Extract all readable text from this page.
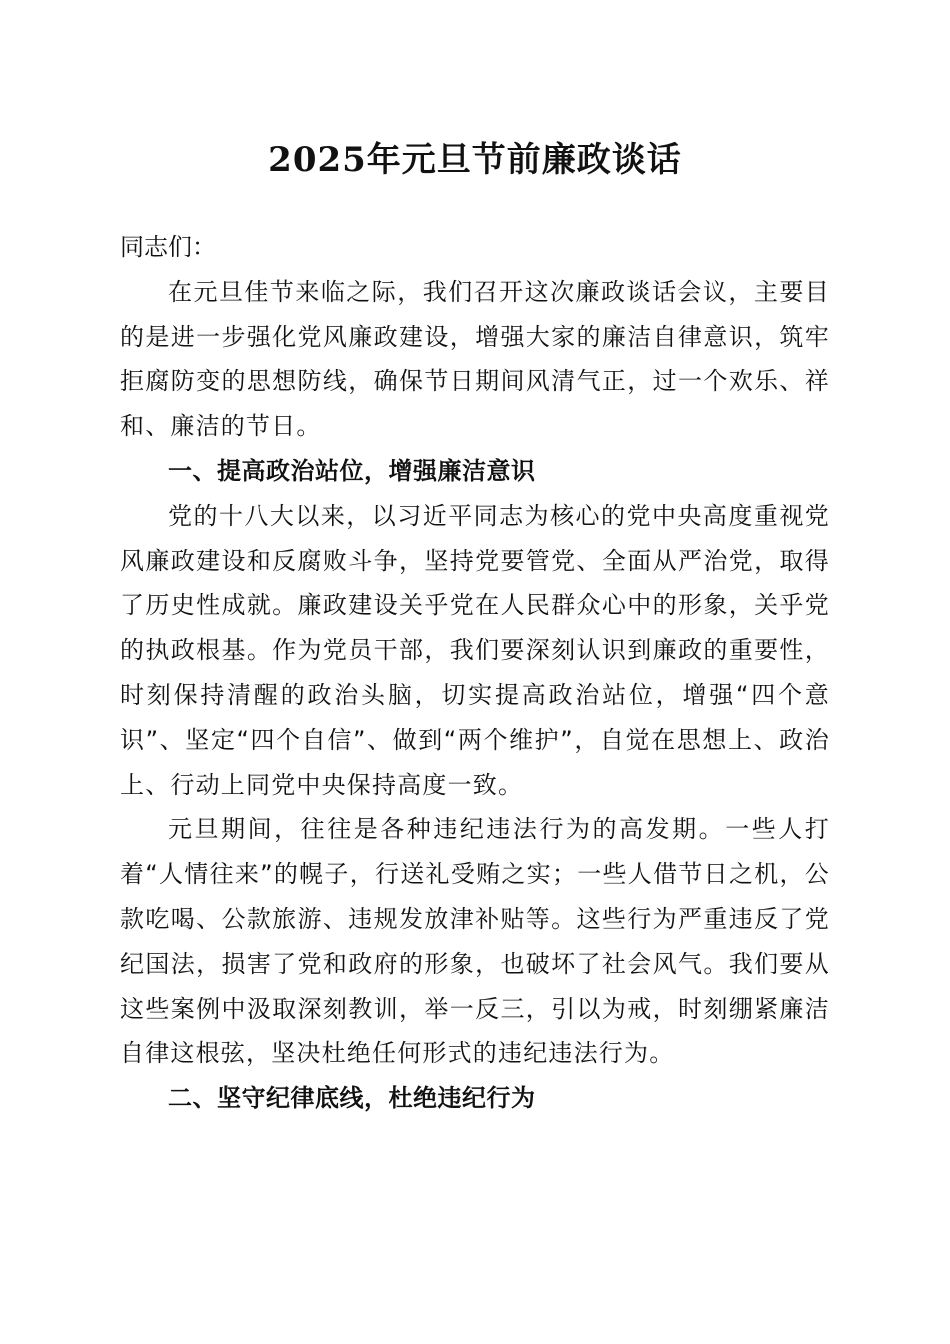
2025年元旦节前廉政谈话

同志们：

在元旦佳节来临之际，我们召开这次廉政谈话会议，主要目的是进一步强化党风廉政建设，增强大家的廉洁自律意识，筑牢拒腐防变的思想防线，确保节日期间风清气正，过一个欢乐、祥和、廉洁的节日。

一、提高政治站位，增强廉洁意识

党的十八大以来，以习近平同志为核心的党中央高度重视党风廉政建设和反腐败斗争，坚持党要管党、全面从严治党，取得了历史性成就。廉政建设关乎党在人民群众心中的形象，关乎党的执政根基。作为党员干部，我们要深刻认识到廉政的重要性，时刻保持清醒的政治头脑，切实提高政治站位，增强“四个意识”、坚定“四个自信”、做到“两个维护”，自觉在思想上、政治上、行动上同党中央保持高度一致。

元旦期间，往往是各种违纪违法行为的高发期。一些人打着“人情往来”的幌子，行送礼受贿之实；一些人借节日之机，公款吃喝、公款旅游、违规发放津补贴等。这些行为严重违反了党纪国法，损害了党和政府的形象，也破坏了社会风气。我们要从这些案例中汲取深刻教训，举一反三，引以为戒，时刻绷紧廉洁自律这根弦，坚决杜绝任何形式的违纪违法行为。

二、坚守纪律底线，杜绝违纪行为
